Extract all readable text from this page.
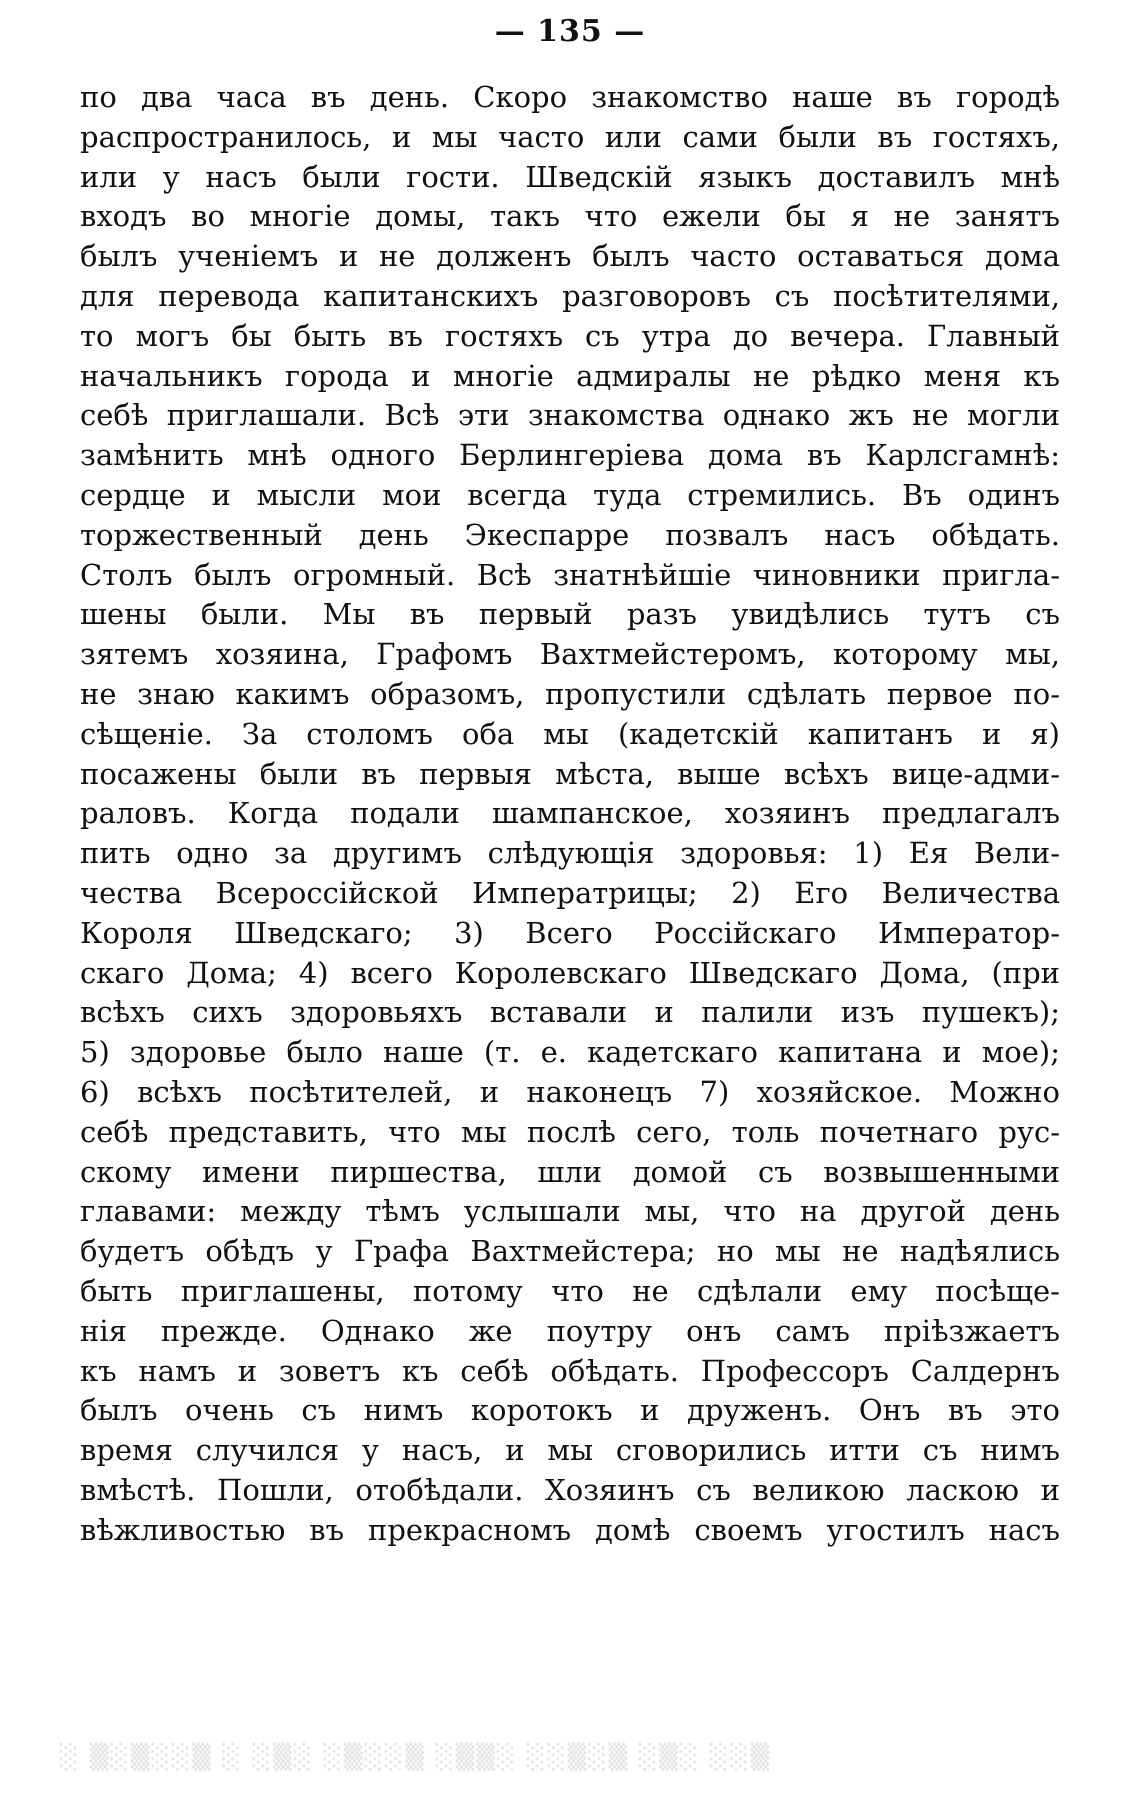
— 135 —
по два часа въ день. Скоро знакомство наше въ городѣ
распространилось, и мы часто или сами были въ гостяхъ,
или у насъ были гости. Шведскій языкъ доставилъ мнѣ
входъ во многіе домы, такъ что ежели бы я не занятъ
былъ ученіемъ и не долженъ былъ часто оставаться дома
для перевода капитанскихъ разговоровъ съ посѣтителями,
то могъ бы быть въ гостяхъ съ утра до вечера. Главный
начальникъ города и многіе адмиралы не рѣдко меня къ
себѣ приглашали. Всѣ эти знакомства однако жъ не могли
замѣнить мнѣ одного Берлингеріева дома въ Карлсгамнѣ:
сердце и мысли мои всегда туда стремились. Въ одинъ
торжественный день Экеспарре позвалъ насъ обѣдать.
Столъ былъ огромный. Всѣ знатнѣйшіе чиновники пригла-
шены были. Мы въ первый разъ увидѣлись тутъ съ
зятемъ хозяина, Графомъ Вахтмейстеромъ, которому мы,
не знаю какимъ образомъ, пропустили сдѣлать первое по-
сѣщеніе. За столомъ оба мы (кадетскій капитанъ и я)
посажены были въ первыя мѣста, выше всѣхъ вице-адми-
раловъ. Когда подали шампанское, хозяинъ предлагалъ
пить одно за другимъ слѣдующія здоровья: 1) Ея Вели-
чества Всероссійской Императрицы; 2) Его Величества
Короля Шведскаго; 3) Всего Россійскаго Император-
скаго Дома; 4) всего Королевскаго Шведскаго Дома, (при
всѣхъ сихъ здоровьяхъ вставали и палили изъ пушекъ);
5) здоровье было наше (т. е. кадетскаго капитана и мое);
6) всѣхъ посѣтителей, и наконецъ 7) хозяйское. Можно
себѣ представить, что мы послѣ сего, толь почетнаго рус-
скому имени пиршества, шли домой съ возвышенными
главами: между тѣмъ услышали мы, что на другой день
будетъ обѣдъ у Графа Вахтмейстера; но мы не надѣялись
быть приглашены, потому что не сдѣлали ему посѣще-
нія прежде. Однако же поутру онъ самъ пріѣзжаетъ
къ намъ и зоветъ къ себѣ обѣдать. Профессоръ Салдернъ
былъ очень съ нимъ коротокъ и друженъ. Онъ въ это
время случился у насъ, и мы сговорились итти съ нимъ
вмѣстѣ. Пошли, отобѣдали. Хозяинъ съ великою ласкою и
вѣжливостью въ прекрасномъ домѣ своемъ угостилъ насъ
░ ▒░▒░░▒ ░ ░▒░ ░▒░░▒ ░▒▒░ ░░▒░▒ ░▒░ ░░▒
